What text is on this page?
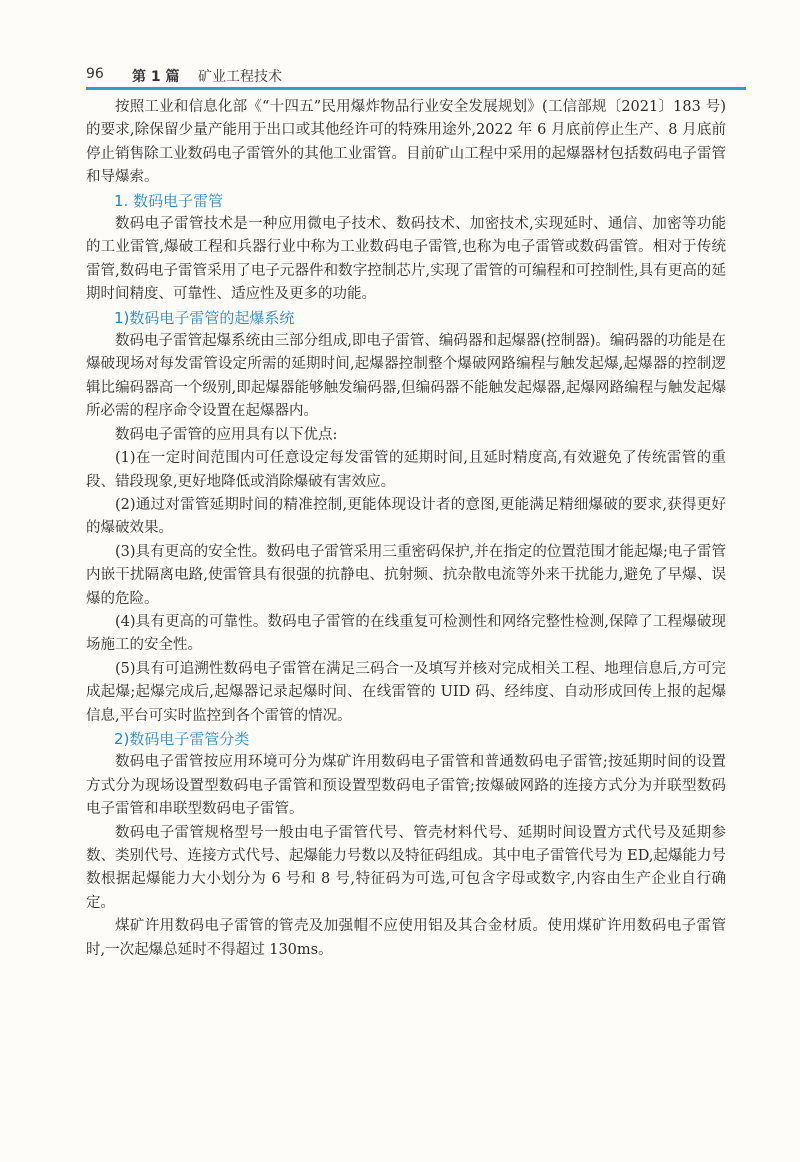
96 第 1 篇 矿业工程技术

按照工业和信息化部《“十四五”民用爆炸物品行业安全发展规划》(工信部规〔2021〕183 号)的要求,除保留少量产能用于出口或其他经许可的特殊用途外,2022 年 6 月底前停止生产、8 月底前停止销售除工业数码电子雷管外的其他工业雷管。目前矿山工程中采用的起爆器材包括数码电子雷管和导爆索。

1. 数码电子雷管

数码电子雷管技术是一种应用微电子技术、数码技术、加密技术,实现延时、通信、加密等功能的工业雷管,爆破工程和兵器行业中称为工业数码电子雷管,也称为电子雷管或数码雷管。相对于传统雷管,数码电子雷管采用了电子元器件和数字控制芯片,实现了雷管的可编程和可控制性,具有更高的延期时间精度、可靠性、适应性及更多的功能。

1)数码电子雷管的起爆系统

数码电子雷管起爆系统由三部分组成,即电子雷管、编码器和起爆器(控制器)。编码器的功能是在爆破现场对每发雷管设定所需的延期时间,起爆器控制整个爆破网路编程与触发起爆,起爆器的控制逻辑比编码器高一个级别,即起爆器能够触发编码器,但编码器不能触发起爆器,起爆网路编程与触发起爆所必需的程序命令设置在起爆器内。

数码电子雷管的应用具有以下优点:

(1)在一定时间范围内可任意设定每发雷管的延期时间,且延时精度高,有效避免了传统雷管的重段、错段现象,更好地降低或消除爆破有害效应。

(2)通过对雷管延期时间的精准控制,更能体现设计者的意图,更能满足精细爆破的要求,获得更好的爆破效果。

(3)具有更高的安全性。数码电子雷管采用三重密码保护,并在指定的位置范围才能起爆;电子雷管内嵌干扰隔离电路,使雷管具有很强的抗静电、抗射频、抗杂散电流等外来干扰能力,避免了早爆、误爆的危险。

(4)具有更高的可靠性。数码电子雷管的在线重复可检测性和网络完整性检测,保障了工程爆破现场施工的安全性。

(5)具有可追溯性数码电子雷管在满足三码合一及填写并核对完成相关工程、地理信息后,方可完成起爆;起爆完成后,起爆器记录起爆时间、在线雷管的 UID 码、经纬度、自动形成回传上报的起爆信息,平台可实时监控到各个雷管的情况。

2)数码电子雷管分类

数码电子雷管按应用环境可分为煤矿许用数码电子雷管和普通数码电子雷管;按延期时间的设置方式分为现场设置型数码电子雷管和预设置型数码电子雷管;按爆破网路的连接方式分为并联型数码电子雷管和串联型数码电子雷管。

数码电子雷管规格型号一般由电子雷管代号、管壳材料代号、延期时间设置方式代号及延期参数、类别代号、连接方式代号、起爆能力号数以及特征码组成。其中电子雷管代号为 ED,起爆能力号数根据起爆能力大小划分为 6 号和 8 号,特征码为可选,可包含字母或数字,内容由生产企业自行确定。

煤矿许用数码电子雷管的管壳及加强帽不应使用铝及其合金材质。使用煤矿许用数码电子雷管时,一次起爆总延时不得超过 130ms。
